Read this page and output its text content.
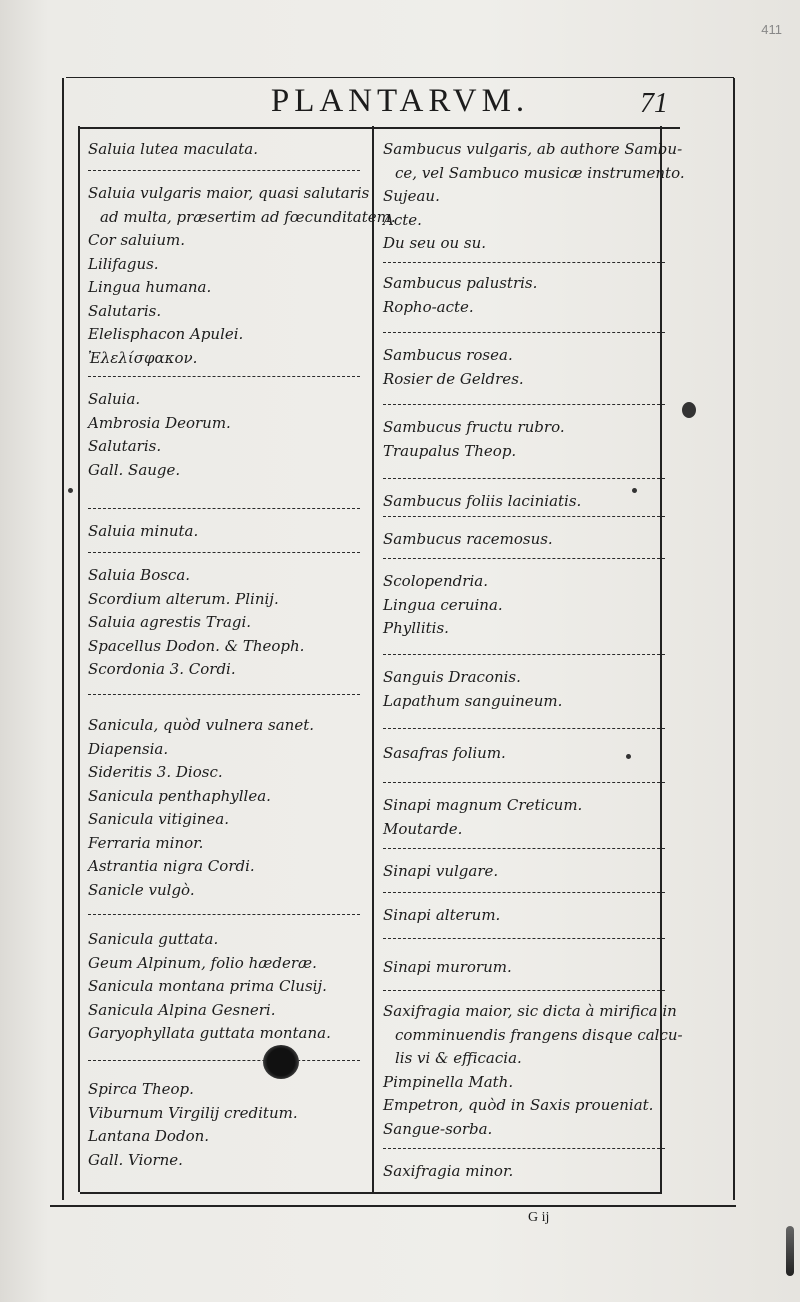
411
PLANTARVM.	71
Saluia lutea maculata.
Saluia vulgaris maior, quasi salutaris
ad multa, præsertim ad fœcunditatem.
Cor saluium.
Lilifagus.
Lingua humana.
Salutaris.
Elelisphacon Apulei.
Ἐλελίσφακον.
Saluia.
Ambrosia Deorum.
Salutaris.
Gall. Sauge.
Saluia minuta.
Saluia Bosca.
Scordium alterum. Plinij.
Saluia agrestis Tragi.
Spacellus Dodon. & Theoph.
Scordonia 3. Cordi.
Sanicula, quòd vulnera sanet.
Diapensia.
Sideritis 3. Diosc.
Sanicula penthaphyllea.
Sanicula vitiginea.
Ferraria minor.
Astrantia nigra Cordi.
Sanicle vulgò.
Sanicula guttata.
Geum Alpinum, folio hæderæ.
Sanicula montana prima Clusij.
Sanicula Alpina Gesneri.
Garyophyllata guttata montana.
Spirca Theop.
Viburnum Virgilij creditum.
Lantana Dodon.
Gall. Viorne.
Sambucus vulgaris, ab authore Sambu-
ce, vel Sambuco musicæ instrumento.
Sujeau.
Acte.
Du seu ou su.
Sambucus palustris.
Ropho-acte.
Sambucus rosea.
Rosier de Geldres.
Sambucus fructu rubro.
Traupalus Theop.
Sambucus foliis laciniatis.
Sambucus racemosus.
Scolopendria.
Lingua ceruina.
Phyllitis.
Sanguis Draconis.
Lapathum sanguineum.
Sasafras folium.
Sinapi magnum Creticum.
Moutarde.
Sinapi vulgare.
Sinapi alterum.
Sinapi murorum.
Saxifragia maior, sic dicta à mirifica in
comminuendis frangens disque calcu-
lis vi & efficacia.
Pimpinella Math.
Empetron, quòd in Saxis proueniat.
Sangue-sorba.
Saxifragia minor.
G ij
